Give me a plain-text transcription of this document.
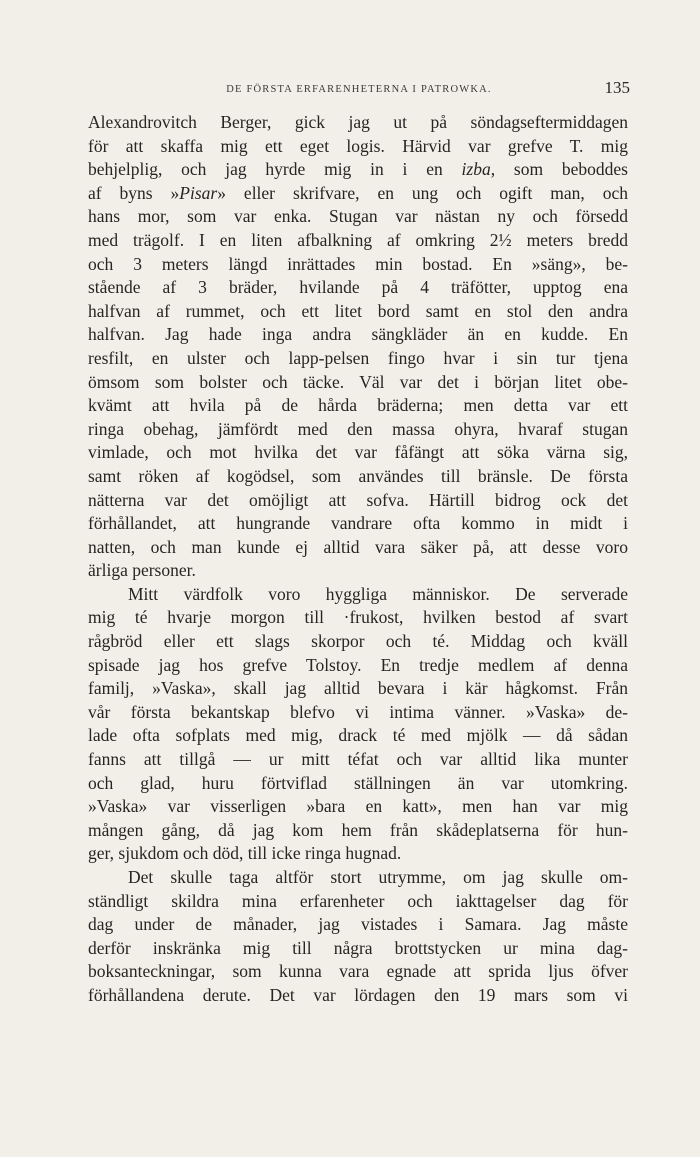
DE FÖRSTA ERFARENHETERNA I PATROWKA.	135
Alexandrovitch Berger, gick jag ut på söndagseftermiddagen
för att skaffa mig ett eget logis. Härvid var grefve T. mig
behjelplig, och jag hyrde mig in i en izba, som beboddes
af byns »Pisar» eller skrifvare, en ung och ogift man, och
hans mor, som var enka. Stugan var nästan ny och försedd
med trägolf. I en liten afbalkning af omkring 2½ meters bredd
och 3 meters längd inrättades min bostad. En »säng», be-
stående af 3 bräder, hvilande på 4 träfötter, upptog ena
halfvan af rummet, och ett litet bord samt en stol den andra
halfvan. Jag hade inga andra sängkläder än en kudde. En
resfilt, en ulster och lapp-pelsen fingo hvar i sin tur tjena
ömsom som bolster och täcke. Väl var det i början litet obe-
kvämt att hvila på de hårda bräderna; men detta var ett
ringa obehag, jämfördt med den massa ohyra, hvaraf stugan
vimlade, och mot hvilka det var fåfängt att söka värna sig,
samt röken af kogödsel, som användes till bränsle. De första
nätterna var det omöjligt att sofva. Härtill bidrog ock det
förhållandet, att hungrande vandrare ofta kommo in midt i
natten, och man kunde ej alltid vara säker på, att desse voro
ärliga personer.
Mitt värdfolk voro hyggliga människor. De serverade
mig té hvarje morgon till ·frukost, hvilken bestod af svart
rågbröd eller ett slags skorpor och té. Middag och kväll
spisade jag hos grefve Tolstoy. En tredje medlem af denna
familj, »Vaska», skall jag alltid bevara i kär hågkomst. Från
vår första bekantskap blefvo vi intima vänner. »Vaska» de-
lade ofta sofplats med mig, drack té med mjölk — då sådan
fanns att tillgå — ur mitt téfat och var alltid lika munter
och glad, huru förtviflad ställningen än var utomkring.
»Vaska» var visserligen »bara en katt», men han var mig
mången gång, då jag kom hem från skådeplatserna för hun-
ger, sjukdom och död, till icke ringa hugnad.
Det skulle taga altför stort utrymme, om jag skulle om-
ständligt skildra mina erfarenheter och iakttagelser dag för
dag under de månader, jag vistades i Samara. Jag måste
derför inskränka mig till några brottstycken ur mina dag-
boksanteckningar, som kunna vara egnade att sprida ljus öfver
förhållandena derute. Det var lördagen den 19 mars som vi
